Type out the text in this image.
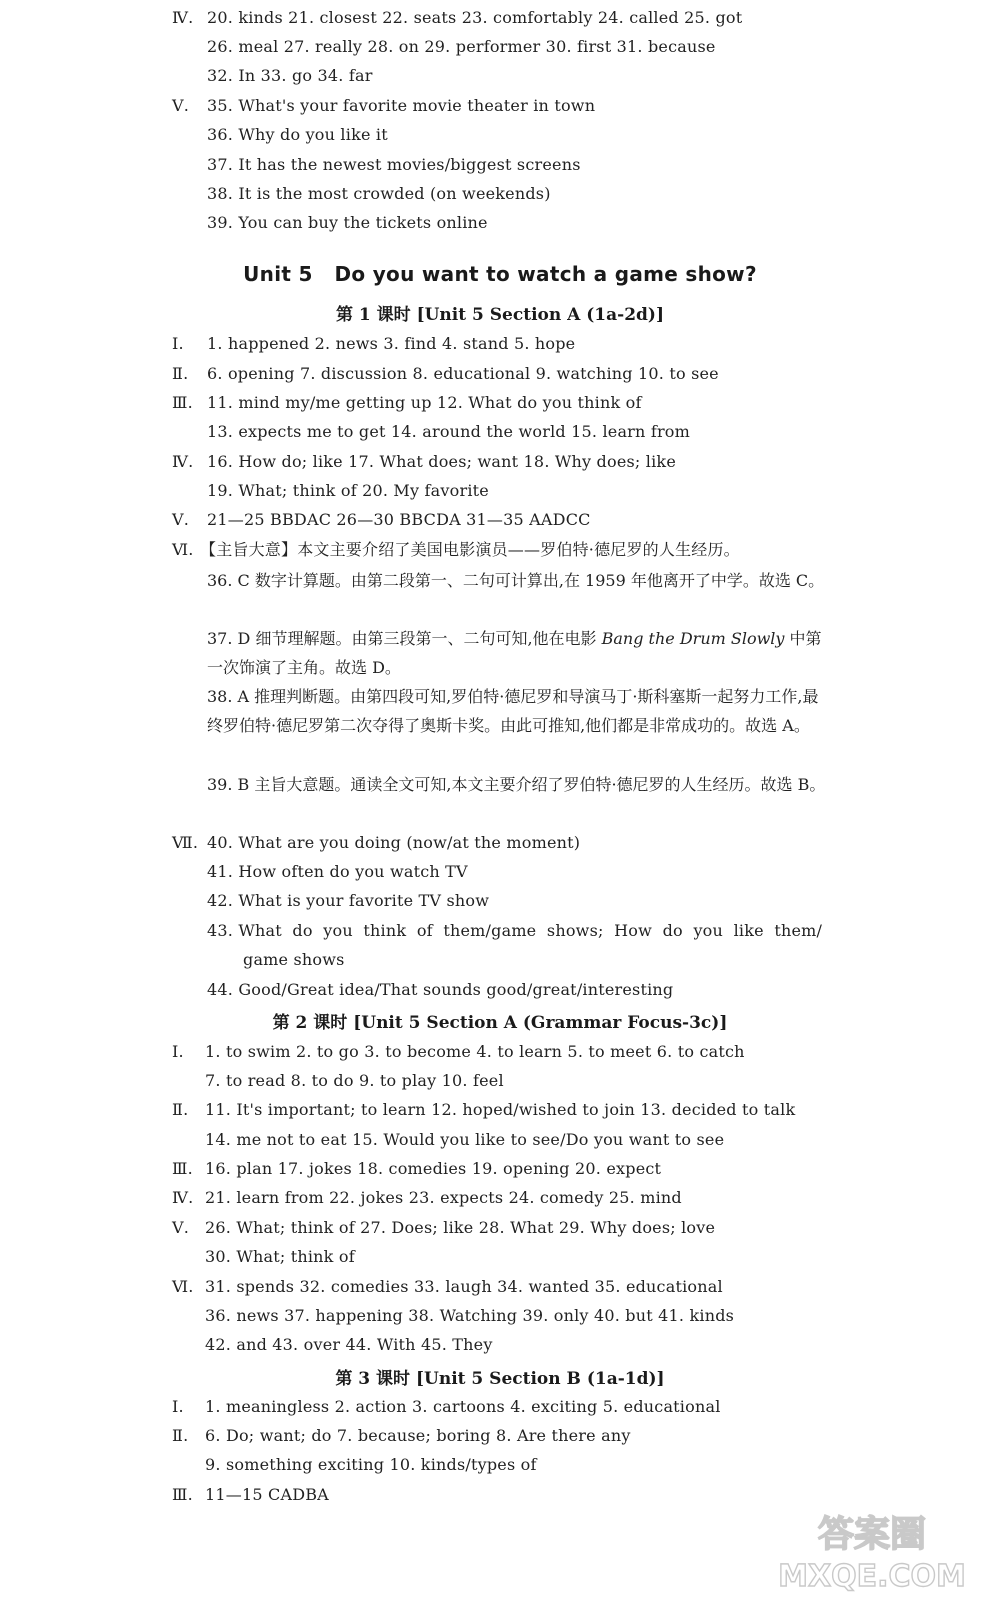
Ⅳ. 20. kinds 21. closest 22. seats 23. comfortably 24. called 25. got
26. meal 27. really 28. on 29. performer 30. first 31. because
32. In 33. go 34. far
Ⅴ.	35. What's your favorite movie theater in town
36. Why do you like it
37. It has the newest movies/biggest screens
38. It is the most crowded (on weekends)
39. You can buy the tickets online
Unit 5   Do you want to watch a game show?
第 1 课时 [Unit 5 Section A (1a-2d)]
Ⅰ.	1. happened 2. news 3. find 4. stand 5. hope
Ⅱ.	6. opening 7. discussion 8. educational 9. watching 10. to see
Ⅲ. 11. mind my/me getting up 12. What do you think of
13. expects me to get 14. around the world 15. learn from
Ⅳ. 16. How do; like 17. What does; want 18. Why does; like
19. What; think of 20. My favorite
Ⅴ.	21—25 BBDAC 26—30 BBCDA 31—35 AADCC
Ⅵ. 【主旨大意】本文主要介绍了美国电影演员——罗伯特·德尼罗的人生经历。
36. C 数字计算题。由第二段第一、二句可计算出,在 1959 年他离开了中学。故选 C。
37. D 细节理解题。由第三段第一、二句可知,他在电影 Bang the Drum Slowly 中第一次饰演了主角。故选 D。
38. A 推理判断题。由第四段可知,罗伯特·德尼罗和导演马丁·斯科塞斯一起努力工作,最终罗伯特·德尼罗第二次夺得了奥斯卡奖。由此可推知,他们都是非常成功的。故选 A。
39. B 主旨大意题。通读全文可知,本文主要介绍了罗伯特·德尼罗的人生经历。故选 B。
Ⅶ. 40. What are you doing (now/at the moment)
41. How often do you watch TV
42. What is your favorite TV show
43. What  do  you  think  of  them/game  shows;  How  do  you  like  them/
game shows
44. Good/Great idea/That sounds good/great/interesting
第 2 课时 [Unit 5 Section A (Grammar Focus-3c)]
Ⅰ.	1. to swim 2. to go 3. to become 4. to learn 5. to meet 6. to catch
7. to read 8. to do 9. to play 10. feel
Ⅱ.	11. It's important; to learn 12. hoped/wished to join 13. decided to talk
14. me not to eat 15. Would you like to see/Do you want to see
Ⅲ. 16. plan 17. jokes 18. comedies 19. opening 20. expect
Ⅳ. 21. learn from 22. jokes 23. expects 24. comedy 25. mind
Ⅴ. 26. What; think of 27. Does; like 28. What 29. Why does; love
30. What; think of
Ⅵ. 31. spends 32. comedies 33. laugh 34. wanted 35. educational
36. news 37. happening 38. Watching 39. only 40. but 41. kinds
42. and 43. over 44. With 45. They
第 3 课时 [Unit 5 Section B (1a-1d)]
Ⅰ.	1. meaningless 2. action 3. cartoons 4. exciting 5. educational
Ⅱ.	6. Do; want; do 7. because; boring 8. Are there any
9. something exciting 10. kinds/types of
Ⅲ. 11—15 CADBA
答案圈
MXQE.COM
